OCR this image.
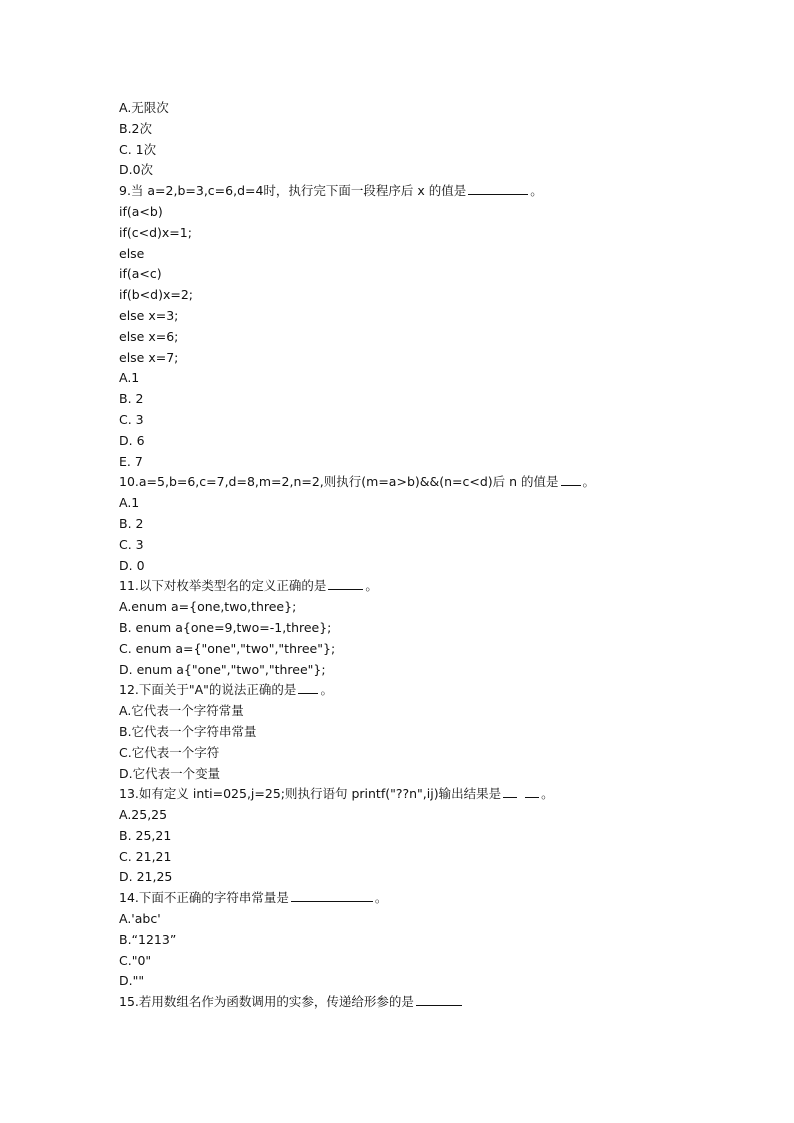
A.无限次
B.2次
C. 1次
D.0次
9.当 a=2,b=3,c=6,d=4时，执行完下面一段程序后 x 的值是	。
if(a<b)
if(c<d)x=1;
else
if(a<c)
if(b<d)x=2;
else x=3;
else x=6;
else x=7;
A.1
B. 2
C. 3
D. 6
E. 7
10.a=5,b=6,c=7,d=8,m=2,n=2,则执行(m=a>b)&&(n=c<d)后 n 的值是 。
A.1
B. 2
C. 3
D. 0
11.以下对枚举类型名的定义正确的是	。
A.enum a={one,two,three};
B. enum a{one=9,two=-1,three};
C. enum a={"one","two","three"};
D. enum a{"one","two","three"};
12.下面关于"A"的说法正确的是 。
A.它代表一个字符常量
B.它代表一个字符串常量
C.它代表一个字符
D.它代表一个变量
13.如有定义 inti=025,j=25;则执行语句 printf("??n",ij)输出结果是	。
A.25,25
B. 25,21
C. 21,21
D. 21,25
14.下面不正确的字符串常量是	。
A.'abc'
B.“1213”
C."0"
D.""
15.若用数组名作为函数调用的实参，传递给形参的是
